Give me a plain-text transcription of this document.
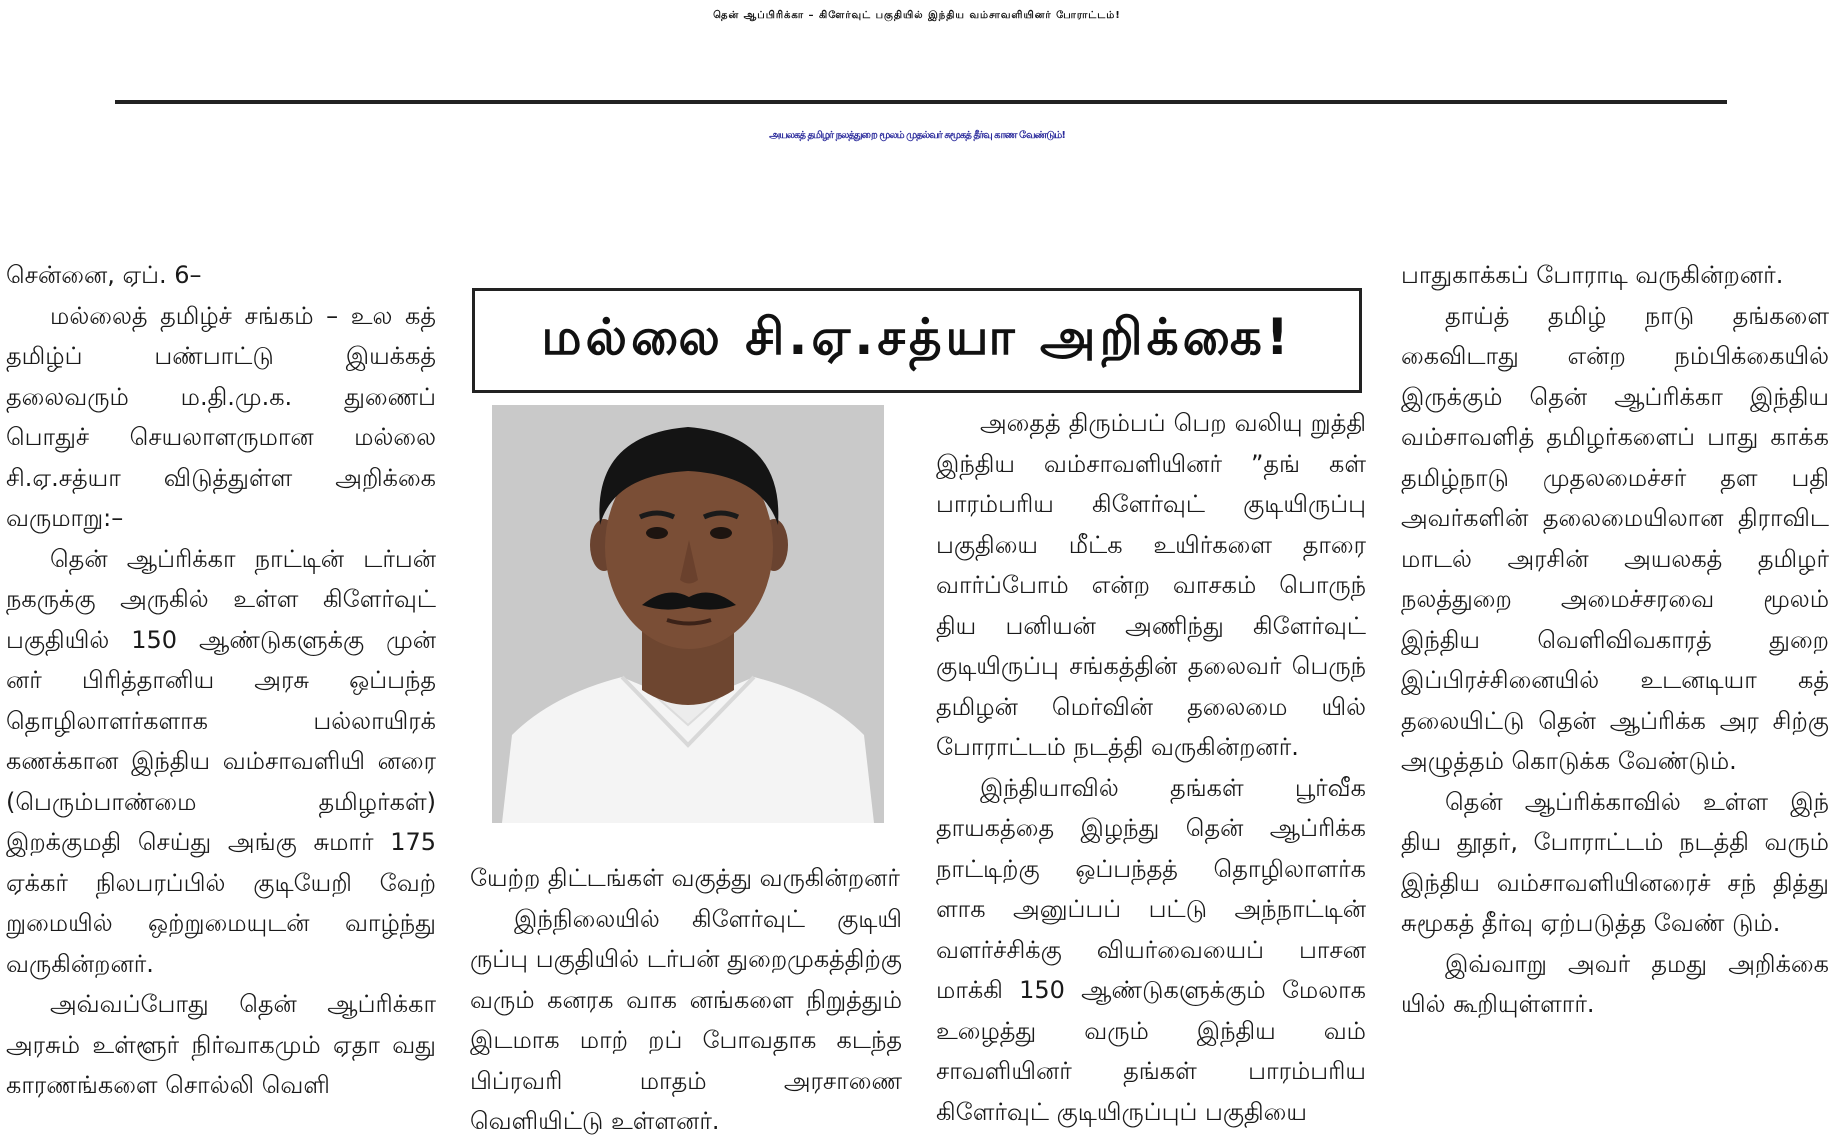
தென் ஆப்பிரிக்கா – கிளேர்வுட் பகுதியில் இந்திய வம்சாவளியினர் போராட்டம்!
அயலகத் தமிழர் நலத்துறை மூலம் முதல்வர் சுமூகத் தீர்வு காண வேண்டும்!

சென்னை, ஏப். 6–

மல்லைத் தமிழ்ச் சங்கம் – உல கத் தமிழ்ப் பண்பாட்டு இயக்கத் தலைவரும் ம.தி.மு.க. துணைப் பொதுச் செயலாளருமான மல்லை சி.ஏ.சத்யா விடுத்துள்ள அறிக்கை வருமாறு:–

தென் ஆப்ரிக்கா நாட்டின் டர்பன் நகருக்கு அருகில் உள்ள கிளேர்வுட் பகுதியில் 150 ஆண்டுகளுக்கு முன் னர் பிரித்தானிய அரசு ஒப்பந்த தொழிலாளர்களாக பல்லாயிரக் கணக்கான இந்திய வம்சாவளியி னரை (பெரும்பாண்மை தமிழர்கள்) இறக்குமதி செய்து அங்கு சுமார் 175 ஏக்கர் நிலபரப்பில் குடியேறி வேற் றுமையில் ஒற்றுமையுடன் வாழ்ந்து வருகின்றனர்.

அவ்வப்போது தென் ஆப்ரிக்கா அரசும் உள்ளூர் நிர்வாகமும் ஏதா வது காரணங்களை சொல்லி வெளி

மல்லை சி.ஏ.சத்யா அறிக்கை!

யேற்ற திட்டங்கள் வகுத்து வருகின்றனர்

இந்நிலையில் கிளேர்வுட் குடியி ருப்பு பகுதியில் டர்பன் துறைமுகத்திற்கு வரும் கனரக வாக னங்களை நிறுத்தும் இடமாக மாற் றப் போவதாக கடந்த பிப்ரவரி மாதம் அரசாணை வெளியிட்டு உள்ளனர்.

அதைத் திரும்பப் பெற வலியு றுத்தி இந்திய வம்சாவளியினர் ”தங் கள் பாரம்பரிய கிளேர்வுட் குடியிருப்பு பகுதியை மீட்க உயிர்களை தாரை வார்ப்போம் என்ற வாசகம் பொருந் திய பனியன் அணிந்து கிளேர்வுட் குடியிருப்பு சங்கத்தின் தலைவர் பெருந் தமிழன் மெர்வின் தலைமை யில் போராட்டம் நடத்தி வருகின்றனர்.

இந்தியாவில் தங்கள் பூர்வீக தாயகத்தை இழந்து தென் ஆப்ரிக்க நாட்டிற்கு ஒப்பந்தத் தொழிலாளர்க ளாக அனுப்பப் பட்டு அந்நாட்டின் வளர்ச்சிக்கு வியர்வையைப் பாசன மாக்கி 150 ஆண்டுகளுக்கும் மேலாக உழைத்து வரும் இந்திய வம் சாவளியினர் தங்கள் பாரம்பரிய கிளேர்வுட் குடியிருப்புப் பகுதியை

பாதுகாக்கப் போராடி வருகின்றனர்.

தாய்த் தமிழ் நாடு தங்களை கைவிடாது என்ற நம்பிக்கையில் இருக்கும் தென் ஆப்ரிக்கா இந்திய வம்சாவளித் தமிழர்களைப் பாது காக்க தமிழ்நாடு முதலமைச்சர் தள பதி அவர்களின் தலைமையிலான திராவிட மாடல் அரசின் அயலகத் தமிழர் நலத்துறை அமைச்சரவை மூலம் இந்திய வெளிவிவகாரத் துறை இப்பிரச்சினையில் உடனடியா கத் தலையிட்டு தென் ஆப்ரிக்க அர சிற்கு அழுத்தம் கொடுக்க வேண்டும்.

தென் ஆப்ரிக்காவில் உள்ள இந் திய தூதர், போராட்டம் நடத்தி வரும் இந்திய வம்சாவளியினரைச் சந் தித்து சுமூகத் தீர்வு ஏற்படுத்த வேண் டும்.

இவ்வாறு அவர் தமது அறிக்கை யில் கூறியுள்ளார்.
